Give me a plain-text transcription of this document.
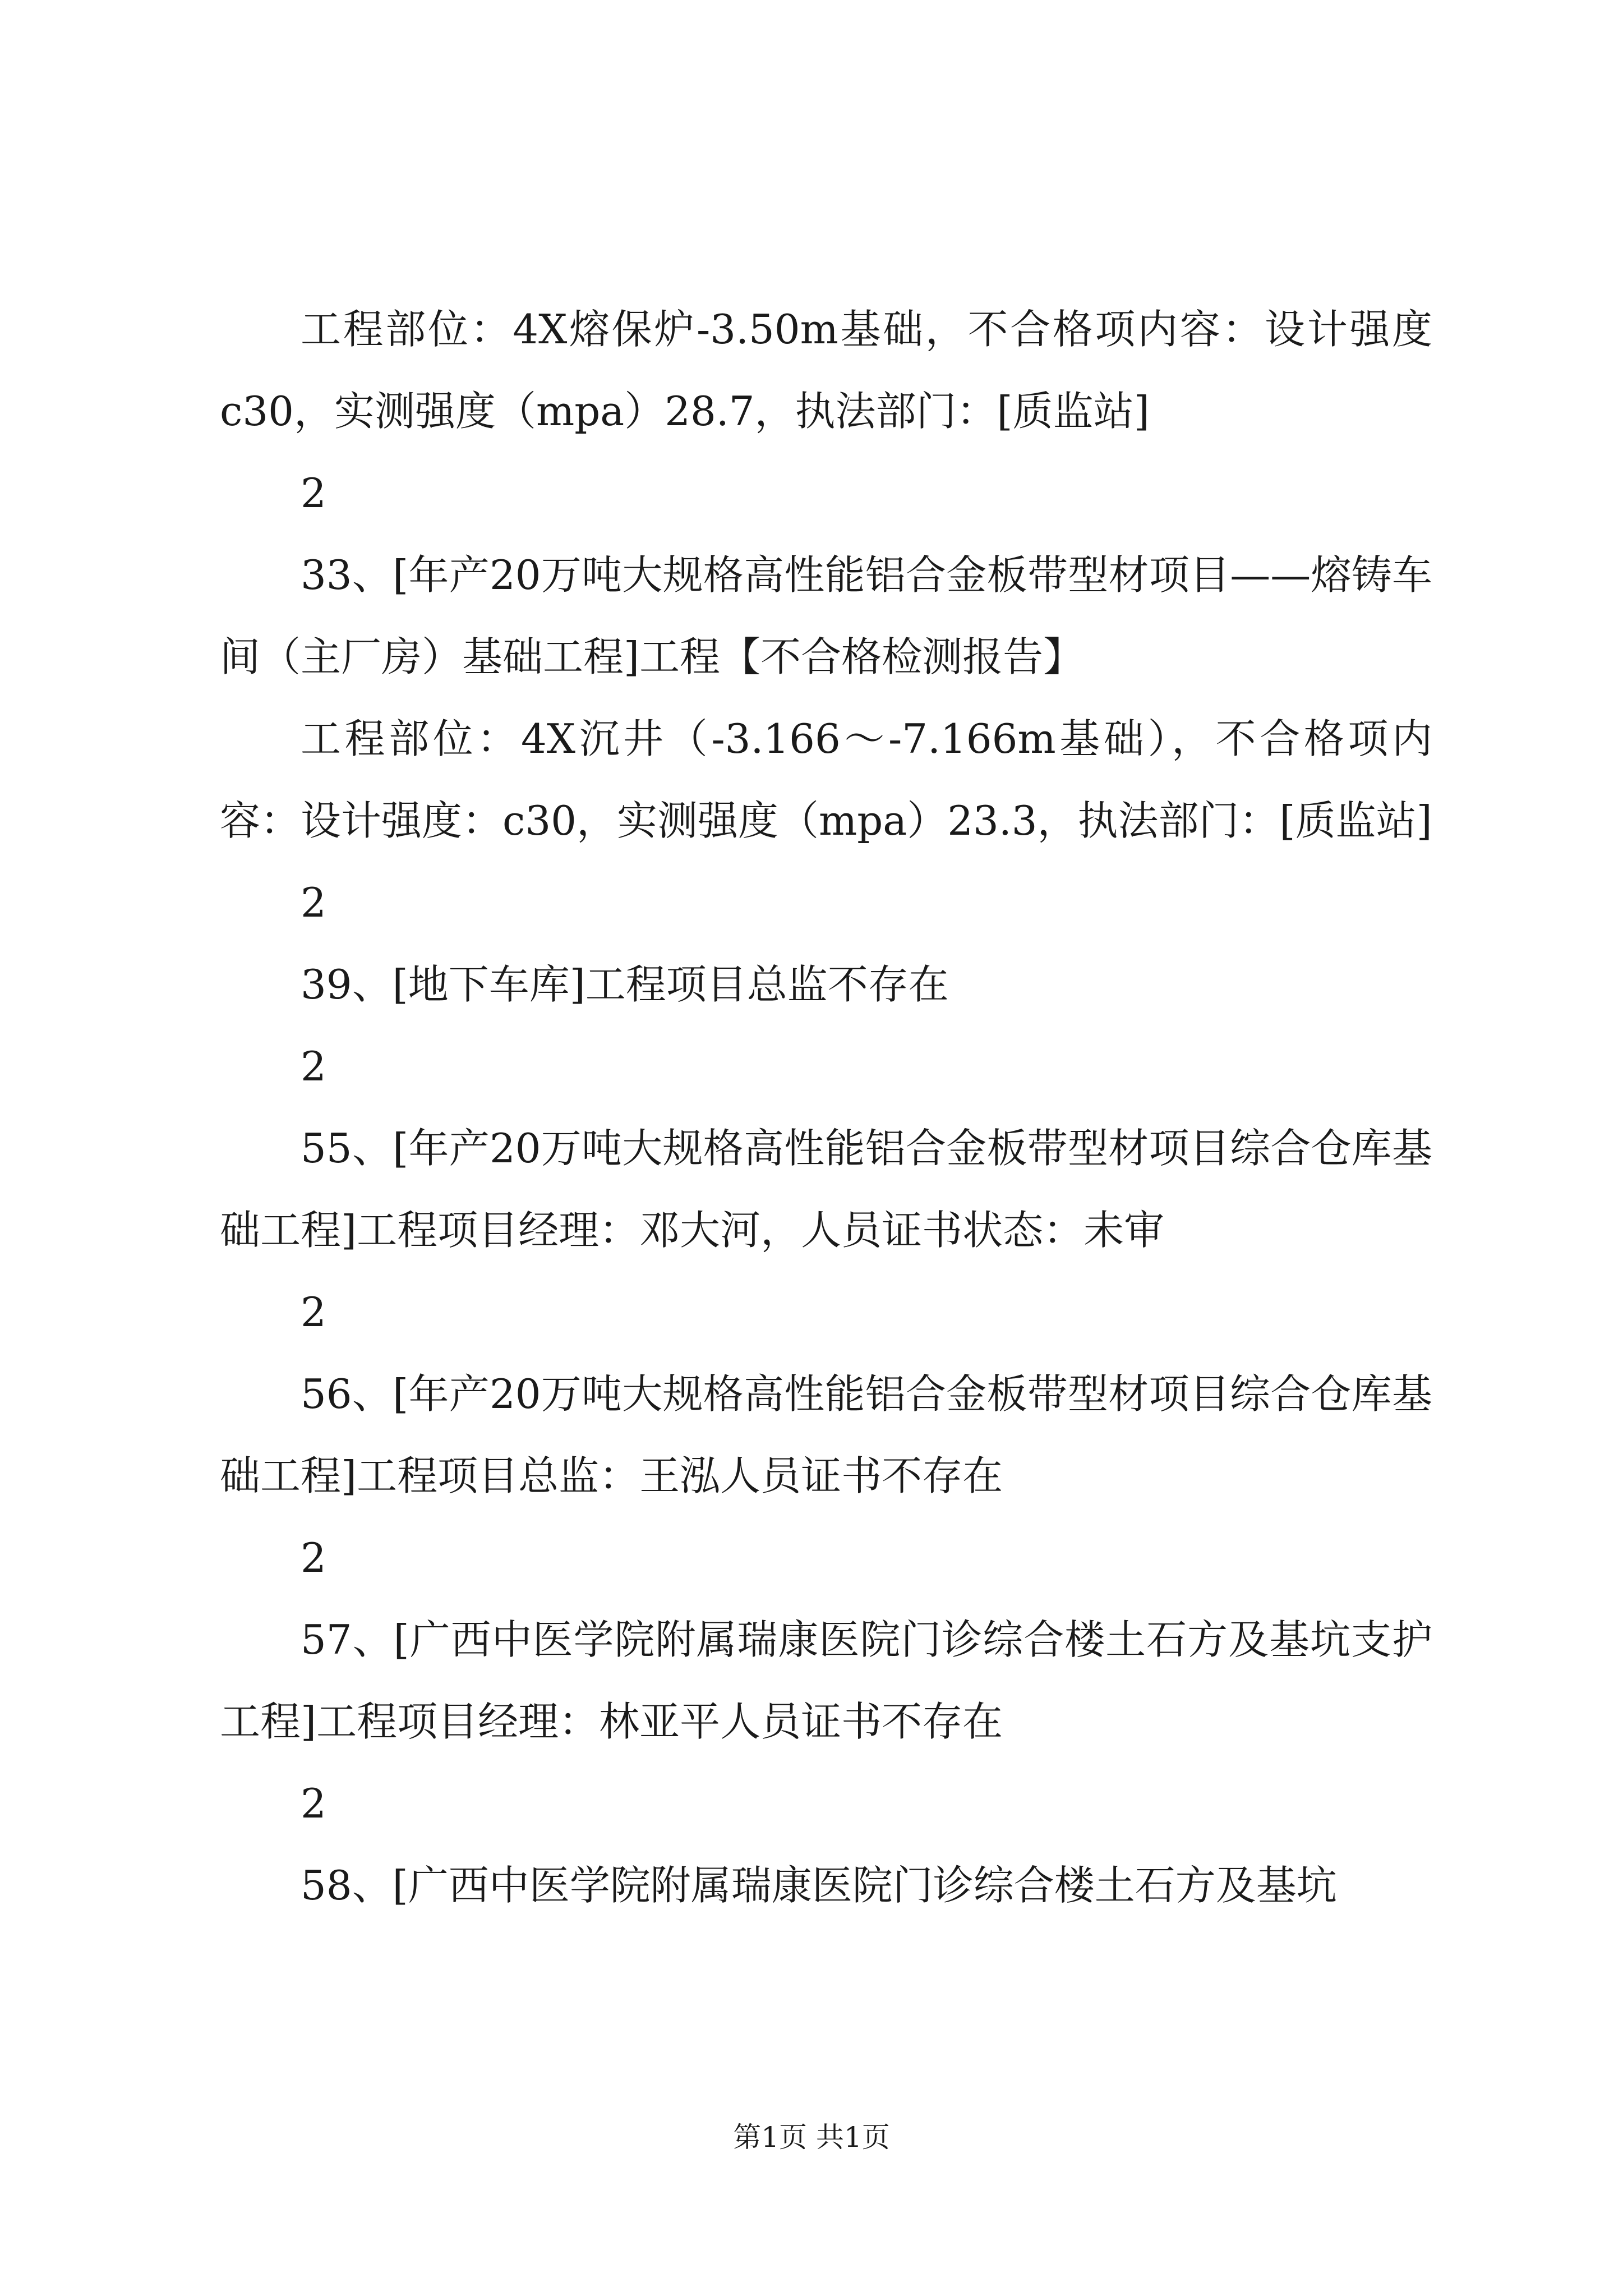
工程部位：4X熔保炉-3.50m基础，不合格项内容：设计强度c30，实测强度（mpa）28.7，执法部门：[质监站]

2

33、[年产20万吨大规格高性能铝合金板带型材项目——熔铸车间（主厂房）基础工程]工程【不合格检测报告】

工程部位：4X沉井（-3.166～-7.166m基础），不合格项内容：设计强度：c30，实测强度（mpa）23.3，执法部门：[质监站]

2

39、[地下车库]工程项目总监不存在

2

55、[年产20万吨大规格高性能铝合金板带型材项目综合仓库基础工程]工程项目经理：邓大河，人员证书状态：未审

2

56、[年产20万吨大规格高性能铝合金板带型材项目综合仓库基础工程]工程项目总监：王泓人员证书不存在

2

57、[广西中医学院附属瑞康医院门诊综合楼土石方及基坑支护工程]工程项目经理：林亚平人员证书不存在

2

58、[广西中医学院附属瑞康医院门诊综合楼土石方及基坑

第1页 共1页
